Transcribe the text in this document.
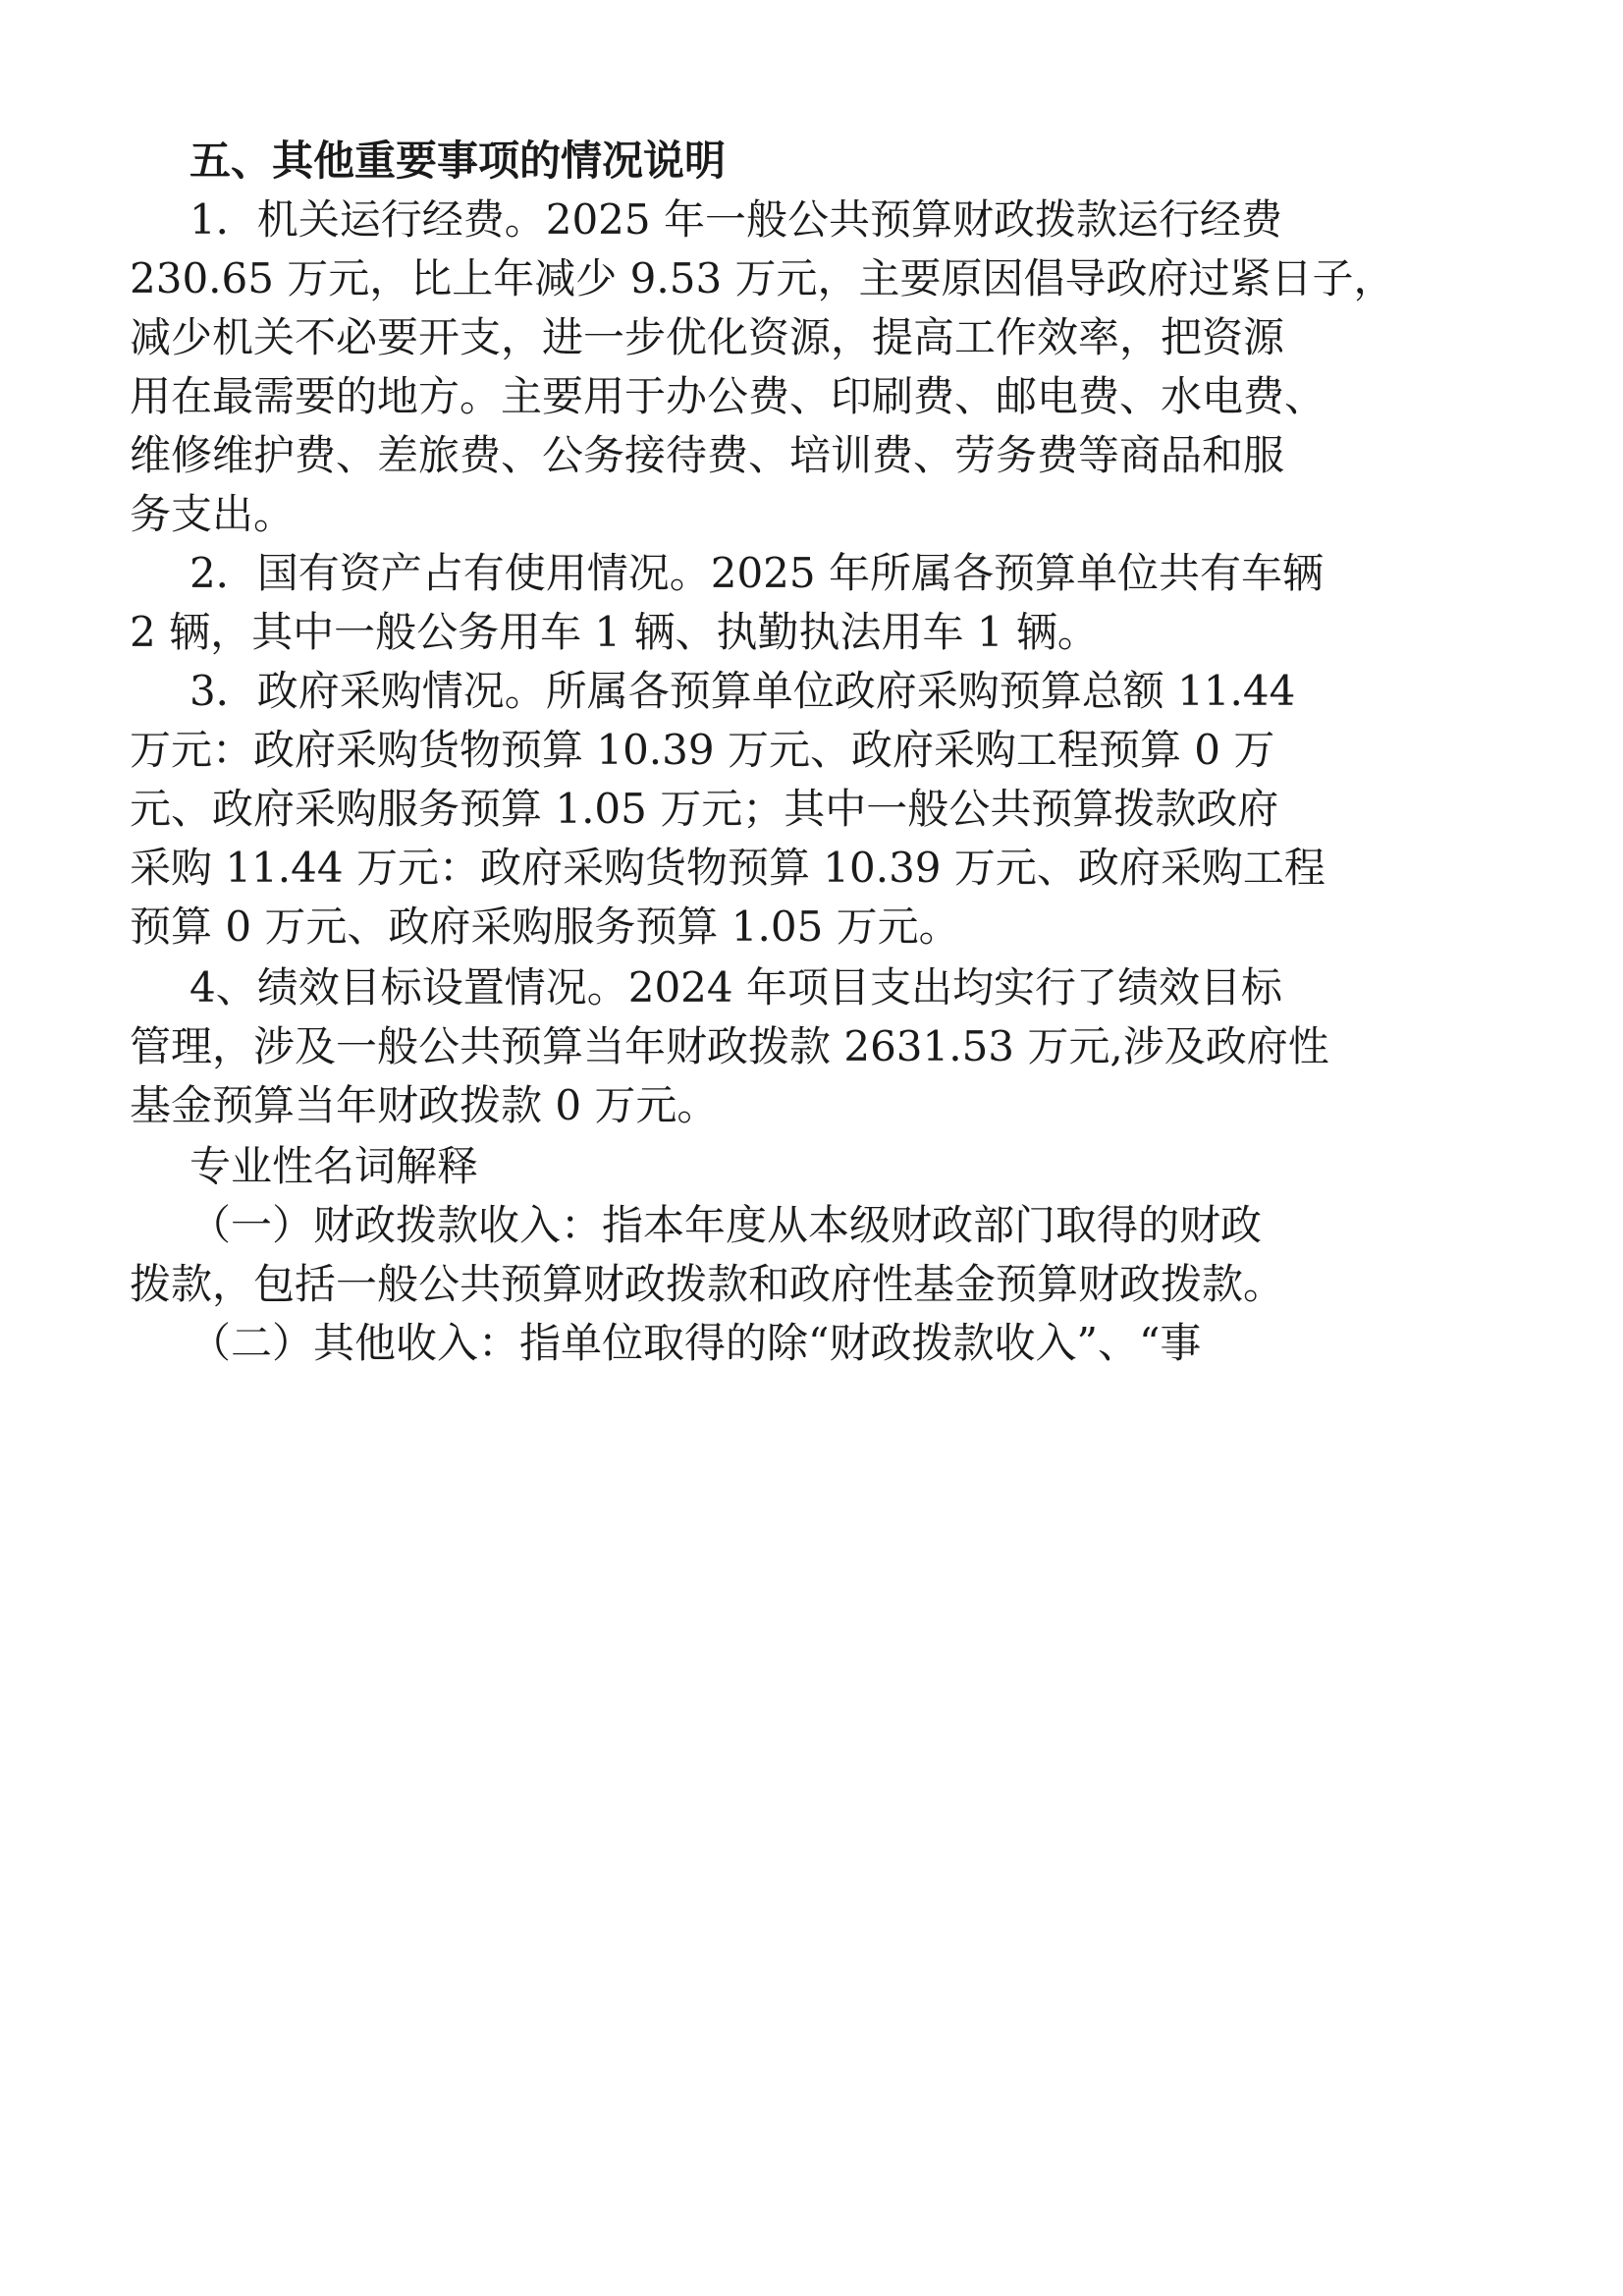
五、其他重要事项的情况说明
1．机关运行经费。2025 年一般公共预算财政拨款运行经费
230.65 万元，比上年减少 9.53 万元，主要原因倡导政府过紧日子，
减少机关不必要开支，进一步优化资源，提高工作效率，把资源
用在最需要的地方。主要用于办公费、印刷费、邮电费、水电费、
维修维护费、差旅费、公务接待费、培训费、劳务费等商品和服
务支出。
2．国有资产占有使用情况。2025 年所属各预算单位共有车辆
2 辆，其中一般公务用车 1 辆、执勤执法用车 1 辆。
3．政府采购情况。所属各预算单位政府采购预算总额 11.44
万元：政府采购货物预算 10.39 万元、政府采购工程预算 0 万
元、政府采购服务预算 1.05 万元；其中一般公共预算拨款政府
采购 11.44 万元：政府采购货物预算 10.39 万元、政府采购工程
预算 0 万元、政府采购服务预算 1.05 万元。
4、绩效目标设置情况。2024 年项目支出均实行了绩效目标
管理，涉及一般公共预算当年财政拨款 2631.53 万元,涉及政府性
基金预算当年财政拨款 0 万元。
专业性名词解释
（一）财政拨款收入：指本年度从本级财政部门取得的财政
拨款，包括一般公共预算财政拨款和政府性基金预算财政拨款。
（二）其他收入：指单位取得的除“财政拨款收入”、“事
